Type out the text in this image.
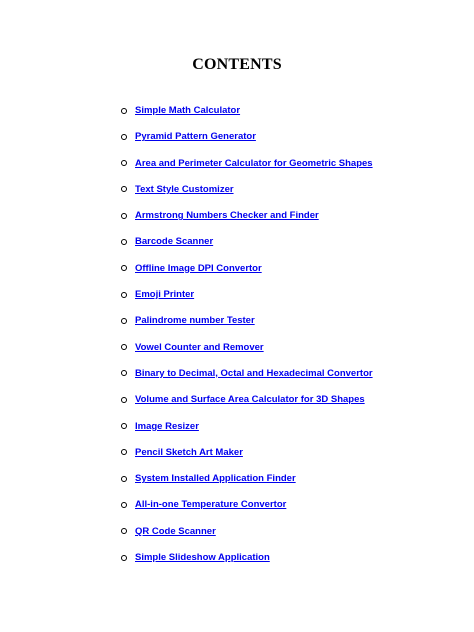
CONTENTS
Simple Math Calculator
Pyramid Pattern Generator
Area and Perimeter Calculator for Geometric Shapes
Text Style Customizer
Armstrong Numbers Checker and Finder
Barcode Scanner
Offline Image DPI Convertor
Emoji Printer
Palindrome number Tester
Vowel Counter and Remover
Binary to Decimal, Octal and Hexadecimal Convertor
Volume and Surface Area Calculator for 3D Shapes
Image Resizer
Pencil Sketch Art Maker
System Installed Application Finder
All-in-one Temperature Convertor
QR Code Scanner
Simple Slideshow Application
